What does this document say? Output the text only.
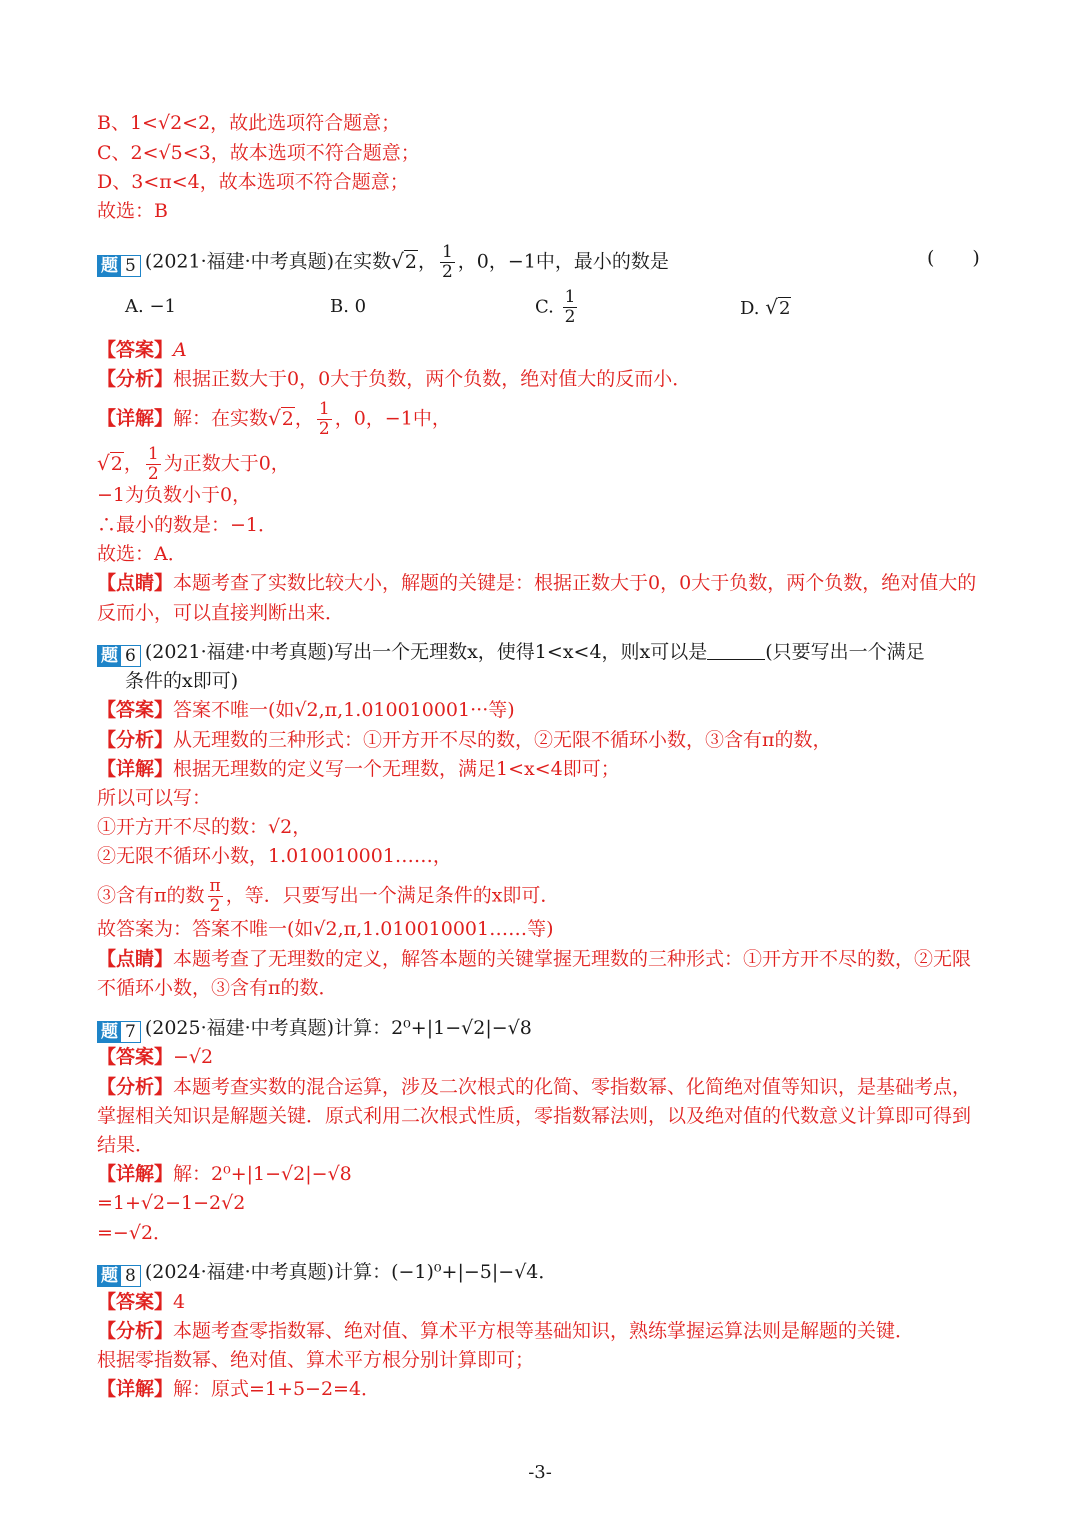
B、1<√2<2，故此选项符合题意；
C、2<√5<3，故本选项不符合题意；
D、3<π<4，故本选项不符合题意；
故选：B
题 5 (2021·福建·中考真题)在实数√2， $\frac{1}{2}$ ，0，−1中，最小的数是	(　　)
A. −1	B. 0	C. $\frac{1}{2}$	D. √2
【答案】A
【分析】根据正数大于0，0大于负数，两个负数，绝对值大的反而小．
【详解】解：在实数√2， $\frac{1}{2}$ ，0，−1中，
√2， $\frac{1}{2}$ 为正数大于0，
−1为负数小于0，
∴最小的数是：−1．
故选：A．
【点睛】本题考查了实数比较大小，解题的关键是：根据正数大于0，0大于负数，两个负数，绝对值大的
反而小，可以直接判断出来．
题 6 (2021·福建·中考真题)写出一个无理数x，使得1<x<4，则x可以是	(只要写出一个满足
条件的x即可)
【答案】答案不唯一(如√2,π,1.010010001···等)
【分析】从无理数的三种形式：①开方开不尽的数，②无限不循环小数，③含有π的数，
【详解】根据无理数的定义写一个无理数，满足1<x<4即可；
所以可以写：
①开方开不尽的数：√2，
②无限不循环小数，1.010010001……，
③含有π的数 $\frac{\pi}{2}$ ，等．只要写出一个满足条件的x即可．
故答案为：答案不唯一(如√2,π,1.010010001……等)
【点睛】本题考查了无理数的定义，解答本题的关键掌握无理数的三种形式：①开方开不尽的数，②无限
不循环小数，③含有π的数．
题 7 (2025·福建·中考真题)计算：2⁰+|1−√2|−√8
【答案】−√2
【分析】本题考查实数的混合运算，涉及二次根式的化简、零指数幂、化简绝对值等知识，是基础考点，
掌握相关知识是解题关键．原式利用二次根式性质，零指数幂法则，以及绝对值的代数意义计算即可得到
结果．
【详解】解：2⁰+|1−√2|−√8
=1+√2−1−2√2
=−√2．
题 8 (2024·福建·中考真题)计算：(−1)⁰+|−5|−√4．
【答案】4
【分析】本题考查零指数幂、绝对值、算术平方根等基础知识，熟练掌握运算法则是解题的关键．
根据零指数幂、绝对值、算术平方根分别计算即可；
【详解】解：原式=1+5−2=4．
-3-
